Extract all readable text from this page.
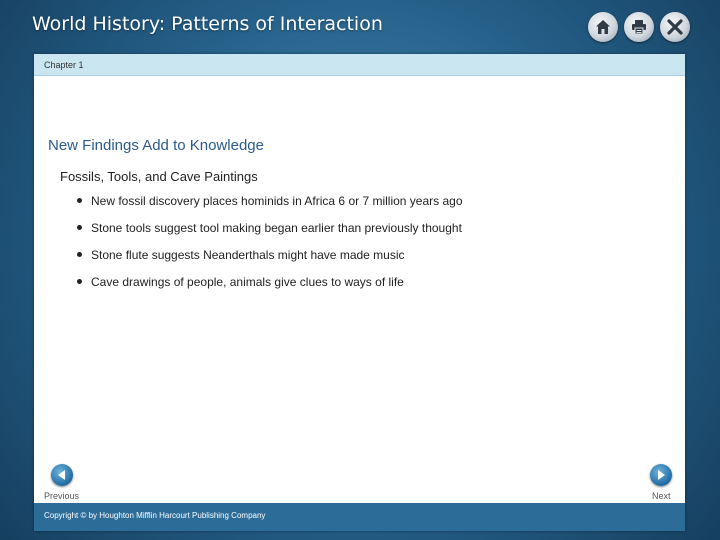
World History: Patterns of Interaction
Chapter 1
New Findings Add to Knowledge
Fossils, Tools, and Cave Paintings
New fossil discovery places hominids in Africa 6 or 7 million years ago
Stone tools suggest tool making began earlier than previously thought
Stone flute suggests Neanderthals might have made music
Cave drawings of people, animals give clues to ways of life
Previous	Next
Copyright © by Houghton Mifflin Harcourt Publishing Company
